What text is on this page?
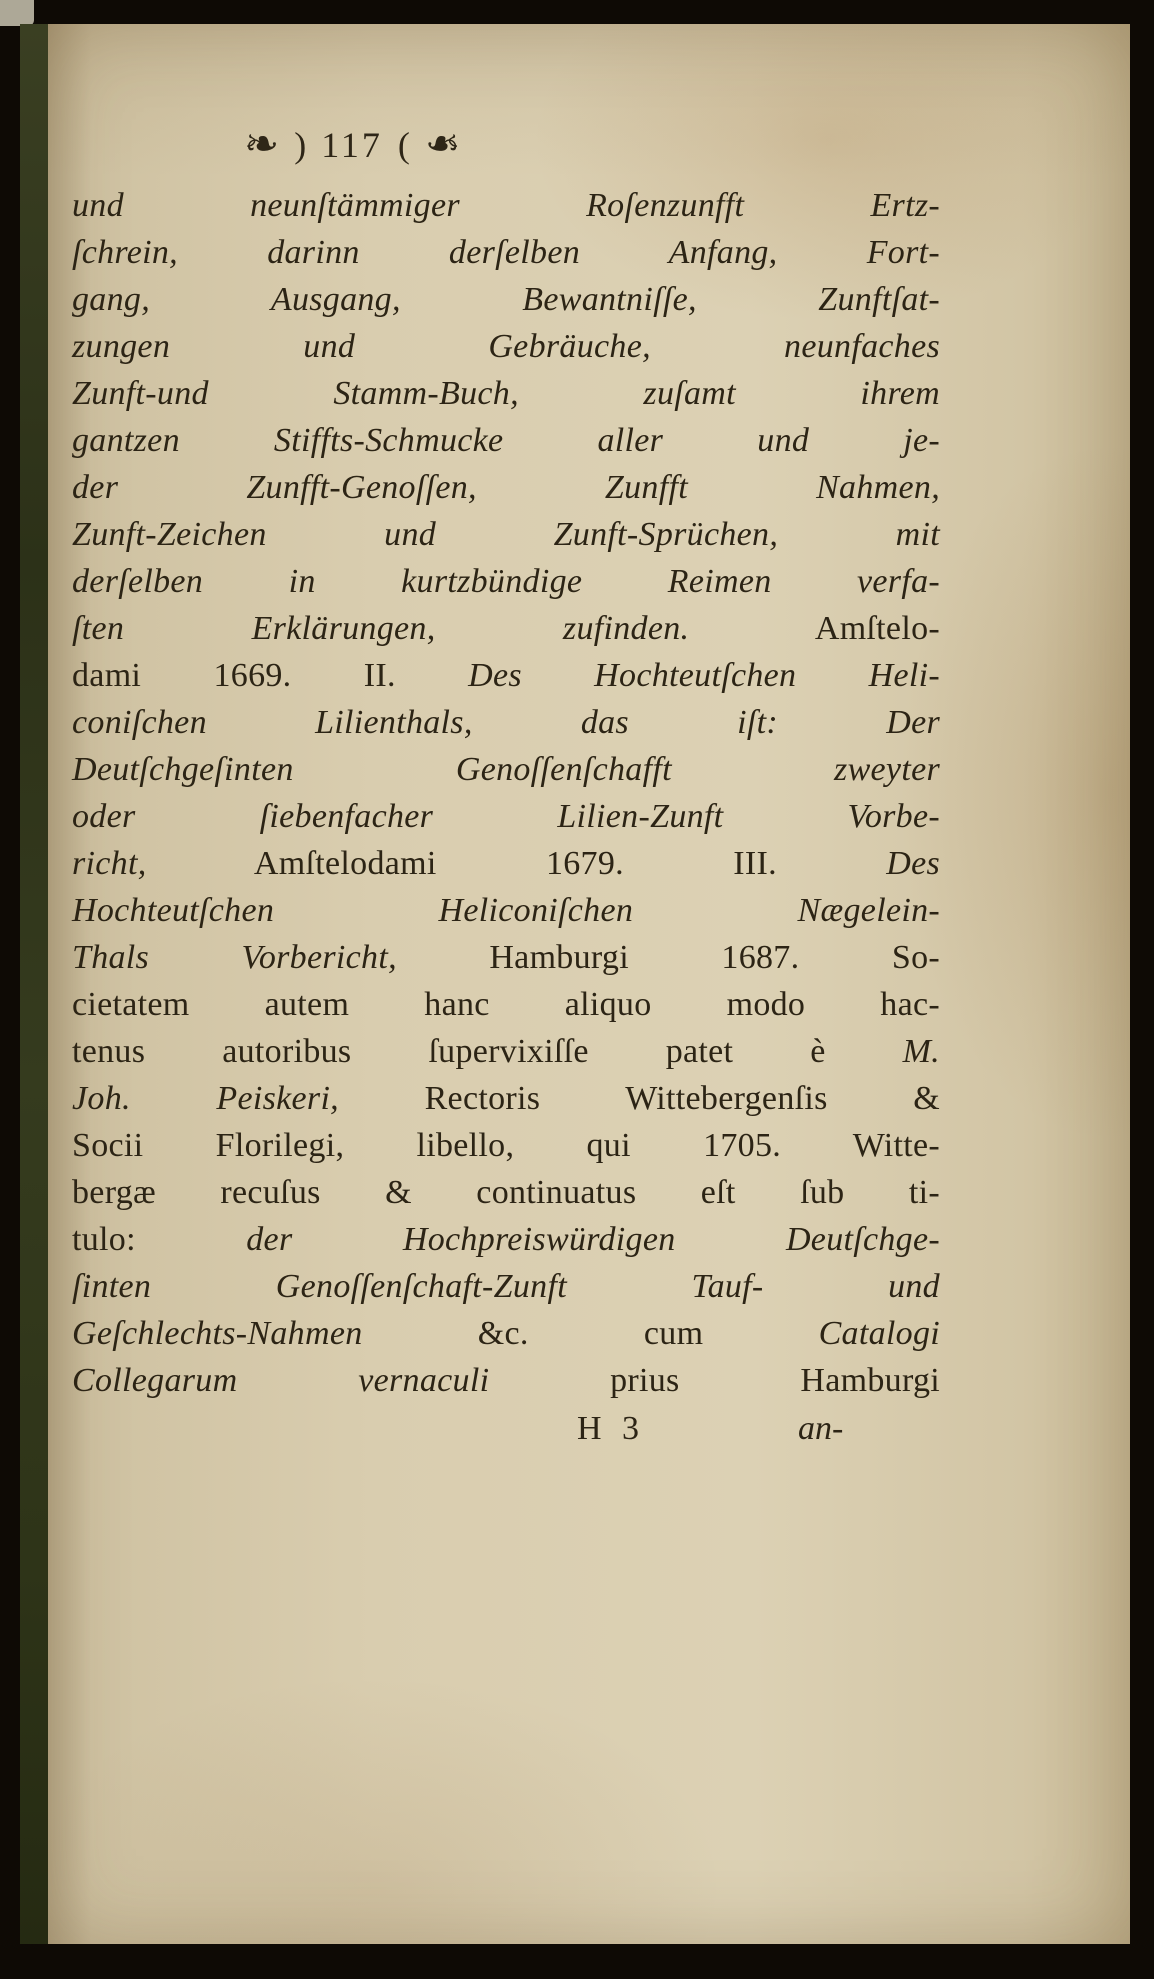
❧ ) 117 ( ❧

und neunſtämmiger Roſenzunfft Ertz-

ſchrein, darinn derſelben Anfang, Fort-

gang, Ausgang, Bewantniſſe, Zunftſat-

zungen und Gebräuche, neunfaches

Zunft-und Stamm-Buch, zuſamt ihrem

gantzen Stiffts-Schmucke aller und je-

der Zunfft-Genoſſen, Zunfft Nahmen,

Zunft-Zeichen und Zunft-Sprüchen, mit

derſelben in kurtzbündige Reimen verfa-

ſten Erklärungen, zufinden. Amſtelo-

dami 1669. II. Des Hochteutſchen Heli-

coniſchen Lilienthals, das iſt: Der

Deutſchgeſinten Genoſſenſchafft zweyter

oder ſiebenfacher Lilien-Zunft Vorbe-

richt, Amſtelodami 1679. III. Des

Hochteutſchen Heliconiſchen Nægelein-

Thals Vorbericht, Hamburgi 1687. So-

cietatem autem hanc aliquo modo hac-

tenus autoribus ſupervixiſſe patet è M.

Joh. Peiskeri, Rectoris Wittebergenſis &

Socii Florilegi, libello, qui 1705. Witte-

bergæ recuſus & continuatus eſt ſub ti-

tulo: der Hochpreiswürdigen Deutſchge-

ſinten Genoſſenſchaft-Zunft Tauf- und

Geſchlechts-Nahmen &c. cum Catalogi

Collegarum vernaculi prius Hamburgi

H 3	an-
